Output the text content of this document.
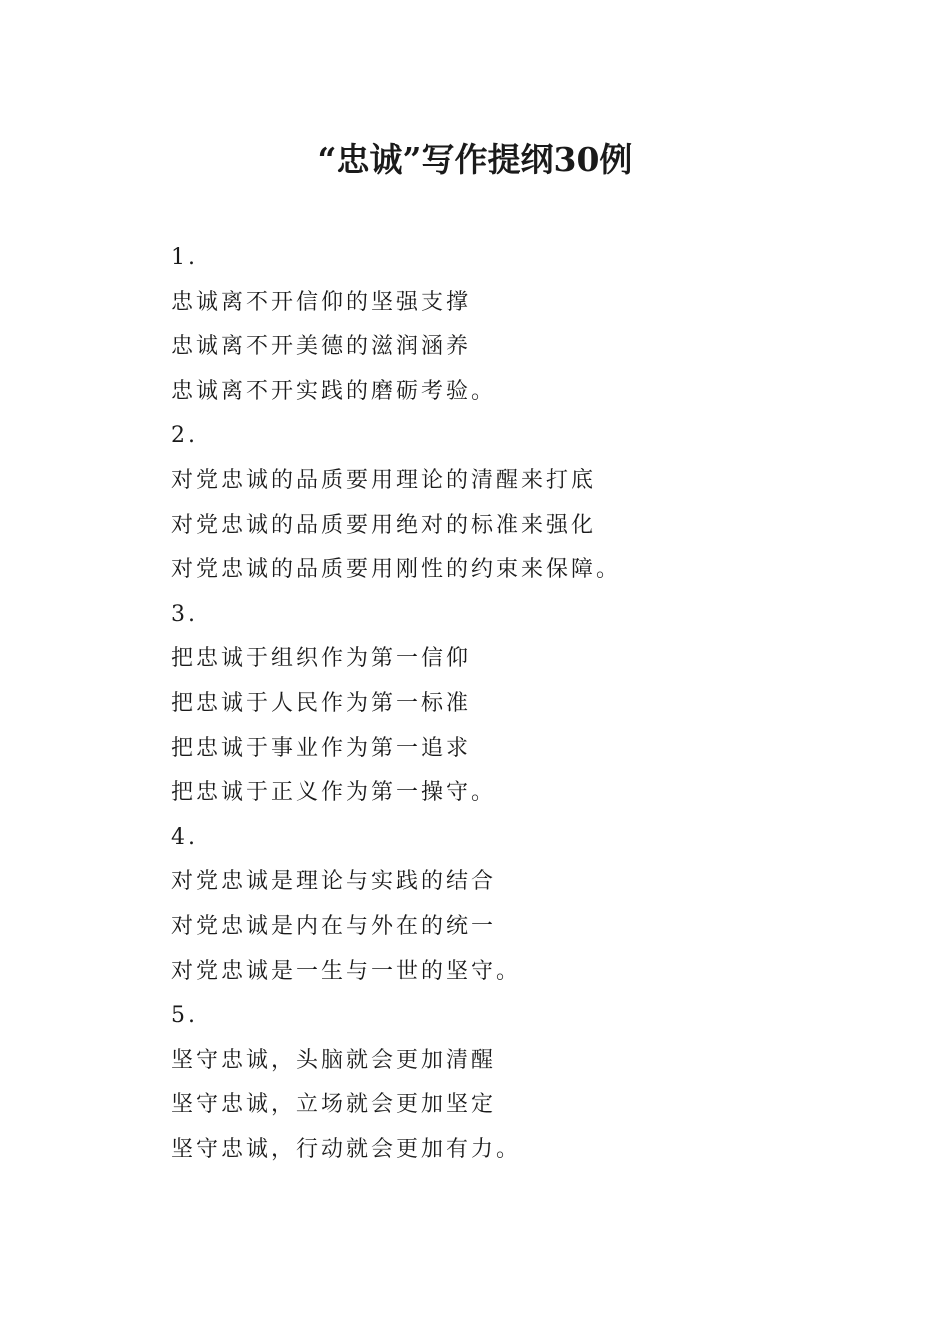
“忠诚”写作提纲30例
1.
忠诚离不开信仰的坚强支撑
忠诚离不开美德的滋润涵养
忠诚离不开实践的磨砺考验。
2.
对党忠诚的品质要用理论的清醒来打底
对党忠诚的品质要用绝对的标准来强化
对党忠诚的品质要用刚性的约束来保障。
3.
把忠诚于组织作为第一信仰
把忠诚于人民作为第一标准
把忠诚于事业作为第一追求
把忠诚于正义作为第一操守。
4.
对党忠诚是理论与实践的结合
对党忠诚是内在与外在的统一
对党忠诚是一生与一世的坚守。
5.
坚守忠诚，头脑就会更加清醒
坚守忠诚，立场就会更加坚定
坚守忠诚，行动就会更加有力。
